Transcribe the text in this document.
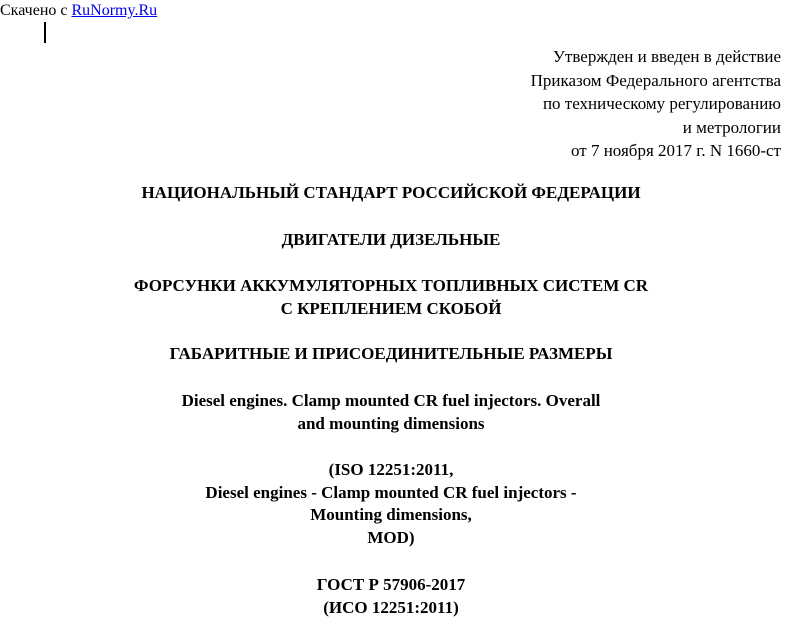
Скачено с RuNormy.Ru
Утвержден и введен в действие
Приказом Федерального агентства
по техническому регулированию
и метрологии
от 7 ноября 2017 г. N 1660-ст
НАЦИОНАЛЬНЫЙ СТАНДАРТ РОССИЙСКОЙ ФЕДЕРАЦИИ
ДВИГАТЕЛИ ДИЗЕЛЬНЫЕ
ФОРСУНКИ АККУМУЛЯТОРНЫХ ТОПЛИВНЫХ СИСТЕМ CR
С КРЕПЛЕНИЕМ СКОБОЙ
ГАБАРИТНЫЕ И ПРИСОЕДИНИТЕЛЬНЫЕ РАЗМЕРЫ
Diesel engines. Clamp mounted CR fuel injectors. Overall
and mounting dimensions
(ISO 12251:2011,
Diesel engines - Clamp mounted CR fuel injectors -
Mounting dimensions,
MOD)
ГОСТ Р 57906-2017
(ИСО 12251:2011)
